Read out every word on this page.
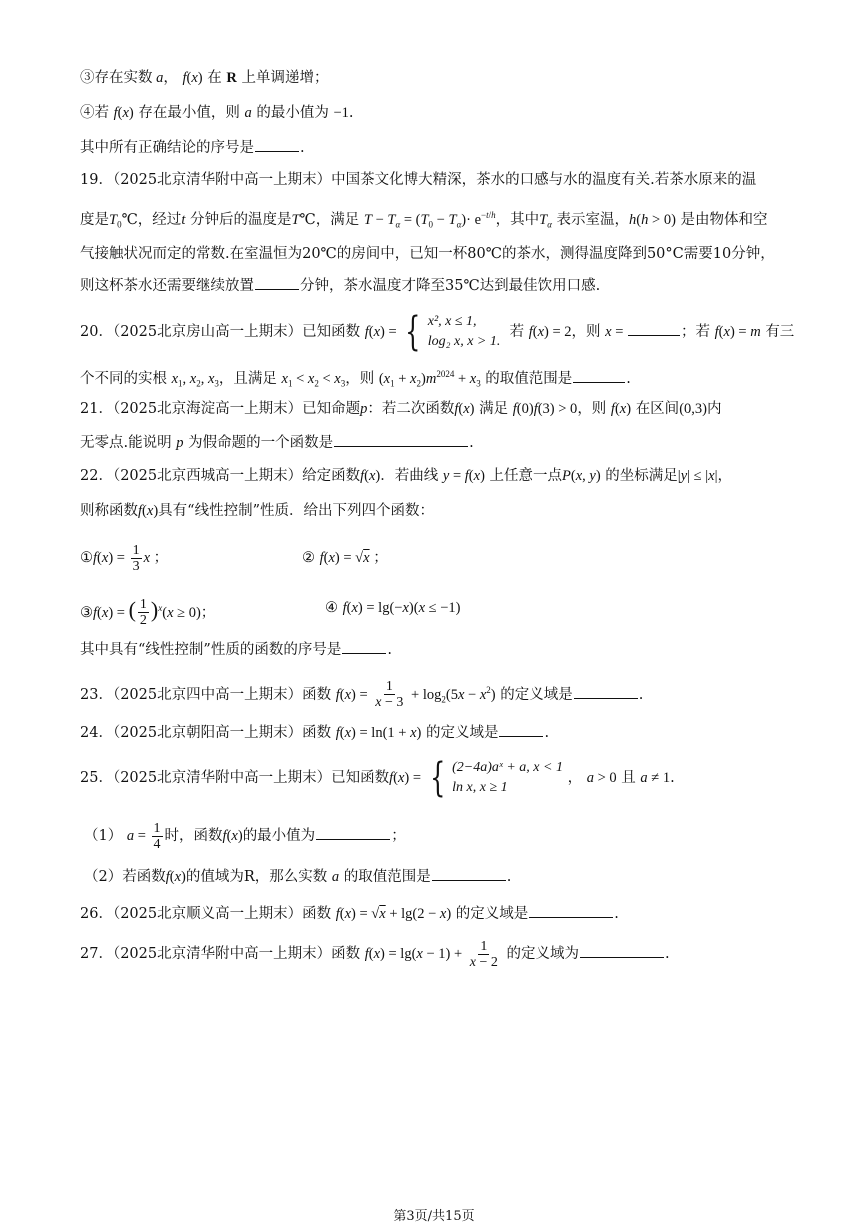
③存在实数 a， f(x) 在 R 上单调递增；
④若 f(x) 存在最小值，则 a 的最小值为 −1.
其中所有正确结论的序号是	.
19．（2025北京清华附中高一上期末）中国茶文化博大精深，茶水的口感与水的温度有关.若茶水原来的温
度是$T_0℃$，经过t 分钟后的温度是T℃，满足 $T - T_\alpha = (T_0 - T_\alpha)\cdot e^{-t/h}$，其中$T_\alpha$ 表示室温，h(h > 0) 是由物体和空
气接触状况而定的常数.在室温恒为20℃的房间中，已知一杯80℃的茶水，测得温度降到50°C需要10分钟，
则这杯茶水还需要继续放置	分钟，茶水温度才降至35℃达到最佳饮用口感.
20．（2025北京房山高一上期末）已知函数 f(x) = { x², x ≤ 1,
log₂ x, x > 1.
若 f(x) = 2，则 x =	；若 f(x) = m 有三
个不同的实根 $x_1$, $x_2$, $x_3$，且满足 $x_1 < x_2 < x_3$，则 $(x_1 + x_2)m^{2024} + x_3$ 的取值范围是	.
21．（2025北京海淀高一上期末）已知命题p：若二次函数f(x) 满足 f(0)f(3) > 0，则 f(x) 在区间(0,3)内
无零点.能说明 p 为假命题的一个函数是	.
22．（2025北京西城高一上期末）给定函数f(x)．若曲线 y = f(x) 上任意一点P(x, y) 的坐标满足|y| ≤ |x|，
则称函数f(x)具有“线性控制”性质．给出下列四个函数：
①f(x) = $\frac{1}{3}$ x ；	② f(x) = √x ；
③f(x) = ( $\frac{1}{2} )^x(x \ge 0)$；	④ f(x) = lg(−x)(x ≤ −1)
其中具有“线性控制”性质的函数的序号是	.
23．（2025北京四中高一上期末）函数 $f(x) = \frac{1}{x - 3} + \log_2(5x - x^2)$ 的定义域是	.
24．（2025北京朝阳高一上期末）函数 f(x) = ln(1 + x) 的定义域是	.
25．（2025北京清华附中高一上期末）已知函数f(x) = { (2−4a)aˣ + a, x < 1
ln x, x ≥ 1
， a > 0 且 a ≠ 1.
（1） $a = \frac{1}{4}$ 时，函数f(x)的最小值为	；
（2）若函数f(x)的值域为R，那么实数 a 的取值范围是	.
26．（2025北京顺义高一上期末）函数 f(x) = √x + lg(2 − x) 的定义域是	.
27．（2025北京清华附中高一上期末）函数 $f(x) = \lg(x - 1) + \frac{1}{x - 2}$ 的定义域为	.
第3页/共15页
